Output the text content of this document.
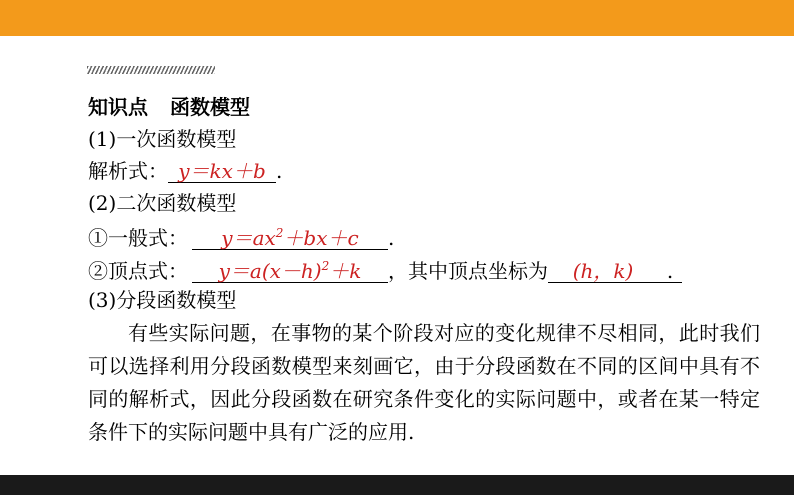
知识点 函数模型
(1)一次函数模型
解析式： y＝kx＋b .
(2)二次函数模型
①一般式： $y=ax^2+bx+c$ .
②顶点式： $y=a(x-h)^2+k$ ，其中顶点坐标为 (h，k) .
(3)分段函数模型
有些实际问题，在事物的某个阶段对应的变化规律不尽相同，此时我们可以选择利用分段函数模型来刻画它，由于分段函数在不同的区间中具有不同的解析式，因此分段函数在研究条件变化的实际问题中，或者在某一特定条件下的实际问题中具有广泛的应用.
